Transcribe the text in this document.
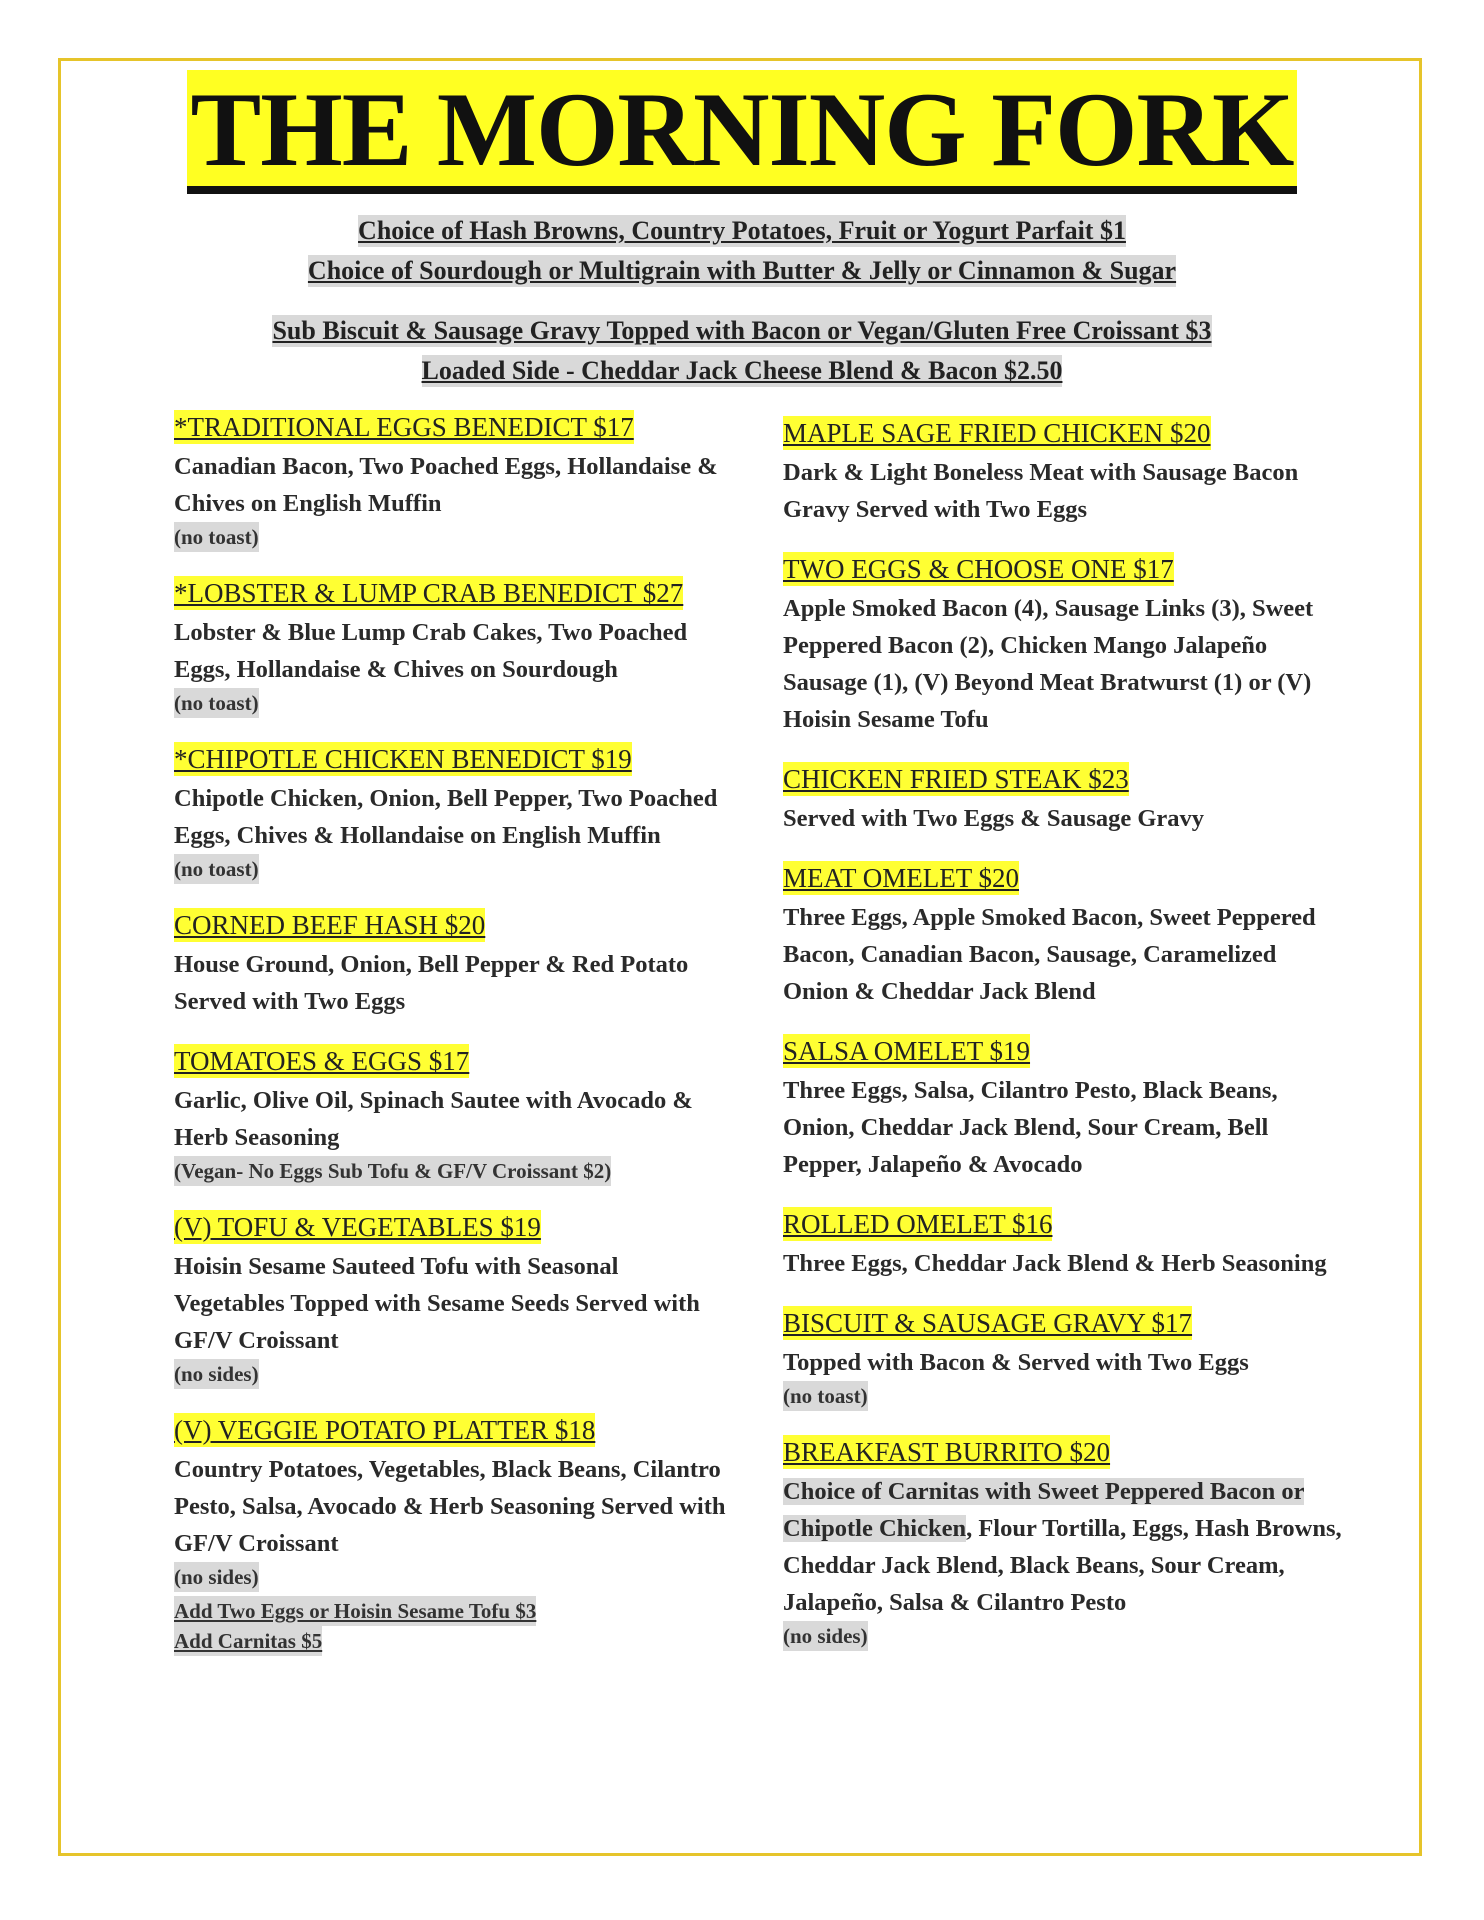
THE MORNING FORK
Choice of Hash Browns, Country Potatoes, Fruit or Yogurt Parfait $1
Choice of Sourdough or Multigrain with Butter & Jelly or Cinnamon & Sugar
Sub Biscuit & Sausage Gravy Topped with Bacon or Vegan/Gluten Free Croissant $3
Loaded Side - Cheddar Jack Cheese Blend & Bacon $2.50
*TRADITIONAL EGGS BENEDICT $17
Canadian Bacon, Two Poached Eggs, Hollandaise & Chives on English Muffin
(no toast)
*LOBSTER & LUMP CRAB BENEDICT $27
Lobster & Blue Lump Crab Cakes, Two Poached Eggs, Hollandaise & Chives on Sourdough
(no toast)
*CHIPOTLE CHICKEN BENEDICT $19
Chipotle Chicken, Onion, Bell Pepper, Two Poached Eggs, Chives & Hollandaise on English Muffin
(no toast)
CORNED BEEF HASH $20
House Ground, Onion, Bell Pepper & Red Potato Served with Two Eggs
TOMATOES & EGGS $17
Garlic, Olive Oil, Spinach Sautee with Avocado & Herb Seasoning
(Vegan- No Eggs Sub Tofu & GF/V Croissant $2)
(V) TOFU & VEGETABLES $19
Hoisin Sesame Sauteed Tofu with Seasonal Vegetables Topped with Sesame Seeds Served with GF/V Croissant
(no sides)
(V) VEGGIE POTATO PLATTER $18
Country Potatoes, Vegetables, Black Beans, Cilantro Pesto, Salsa, Avocado & Herb Seasoning Served with GF/V Croissant
(no sides)
Add Two Eggs or Hoisin Sesame Tofu $3
Add Carnitas $5
MAPLE SAGE FRIED CHICKEN $20
Dark & Light Boneless Meat with Sausage Bacon Gravy Served with Two Eggs
TWO EGGS & CHOOSE ONE $17
Apple Smoked Bacon (4), Sausage Links (3), Sweet Peppered Bacon (2), Chicken Mango Jalapeño Sausage (1), (V) Beyond Meat Bratwurst (1) or (V) Hoisin Sesame Tofu
CHICKEN FRIED STEAK $23
Served with Two Eggs & Sausage Gravy
MEAT OMELET $20
Three Eggs, Apple Smoked Bacon, Sweet Peppered Bacon, Canadian Bacon, Sausage, Caramelized Onion & Cheddar Jack Blend
SALSA OMELET $19
Three Eggs, Salsa, Cilantro Pesto, Black Beans, Onion, Cheddar Jack Blend, Sour Cream, Bell Pepper, Jalapeño & Avocado
ROLLED OMELET $16
Three Eggs, Cheddar Jack Blend & Herb Seasoning
BISCUIT & SAUSAGE GRAVY $17
Topped with Bacon & Served with Two Eggs
(no toast)
BREAKFAST BURRITO $20
Choice of Carnitas with Sweet Peppered Bacon or Chipotle Chicken, Flour Tortilla, Eggs, Hash Browns, Cheddar Jack Blend, Black Beans, Sour Cream, Jalapeño, Salsa & Cilantro Pesto
(no sides)
